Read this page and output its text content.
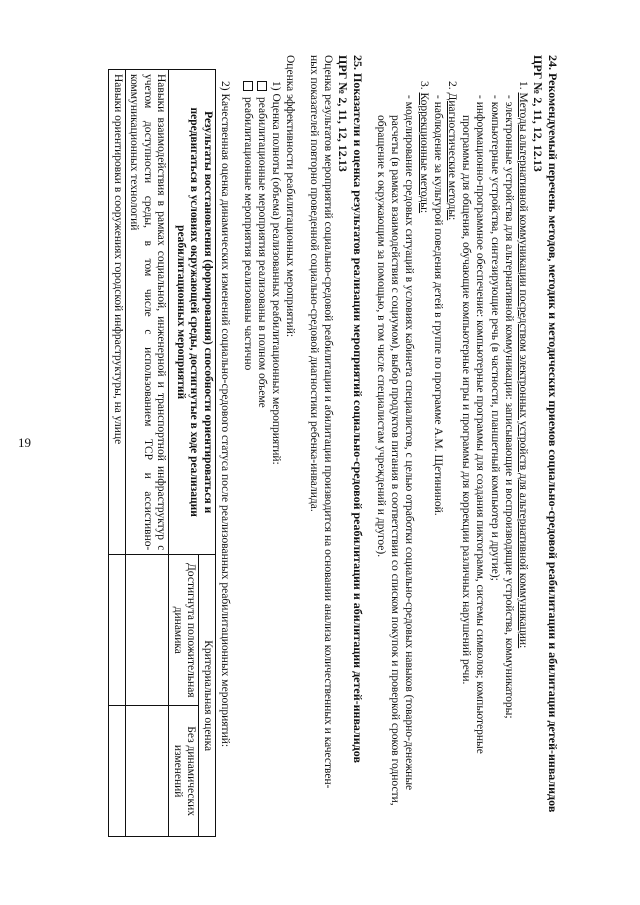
19	24. Рекомендуемый перечень методов, методик и методических приемов социально-средовой реабилитации и абилитации детей-инвалидов

ЦРГ № 2, 11, 12, 12.13

1. Методы альтернативной коммуникации посредством электронных устройств для альтернативной коммуникации:

- электронные устройства для альтернативной коммуникации: записывающие и воспроизводящие устройства, коммуникаторы;

- компьютерные устройства, синтезирующие речь (в частности, планшетный компьютер и другие);

- информационно-программное обеспечение: компьютерные программы для создания пиктограмм, системы символов; компьютерные

программы для общения, обучающие компьютерные игры и программы для коррекции различных нарушений речи.

2. Диагностические методы:

- наблюдение за культурой поведения детей в группе по программе А.М. Щетининой.

3. Коррекционные методы:

- моделирование средовых ситуаций в условиях кабинета специалистов, с целью отработки социально-средовых навыков (товарно-денежные

расчеты (в рамках взаимодействия с социумом), выбор продуктов питания в соответствии со списком покупок и проверкой сроков годности,

обращение к окружающим за помощью, в том числе специалистам учреждений и другое).

25. Показатели и оценка результатов реализации мероприятий социально-средовой реабилитации и абилитации детей-инвалидов

ЦРГ № 2, 11, 12, 12.13

Оценка результатов мероприятий социально-средовой реабилитации и абилитации производится на основании анализа количественных и качествен-

ных показателей повторно проведенной социально-средовой диагностики ребенка-инвалида.

Оценка эффективности реабилитационных мероприятий:

1) Оценка полноты (объема) реализованных реабилитационных мероприятий:

реабилитационные мероприятия реализованы в полном объеме
реабилитационные мероприятия реализованы частично

2) Качественная оценка динамических изменений социально-средового статуса после реализованных реабилитационных мероприятий:

Результаты восстановления (формирования) способности ориентироваться и передвигаться в условиях окружающей среды, достигнутые в ходе реализации реабилитационных мероприятий	Критериальная оценка	
	Достигнута положительная динамика	Без динамических изменений
Навыки взаимодействия в рамках социальной, инженерной и транспортной инфраструктур с учетом доступности среды, в том числе с использованием ТСР и ассистивно-коммуникационных технологий		
Навыки ориентировки в сооружениях городской инфраструктуры, на улице		
